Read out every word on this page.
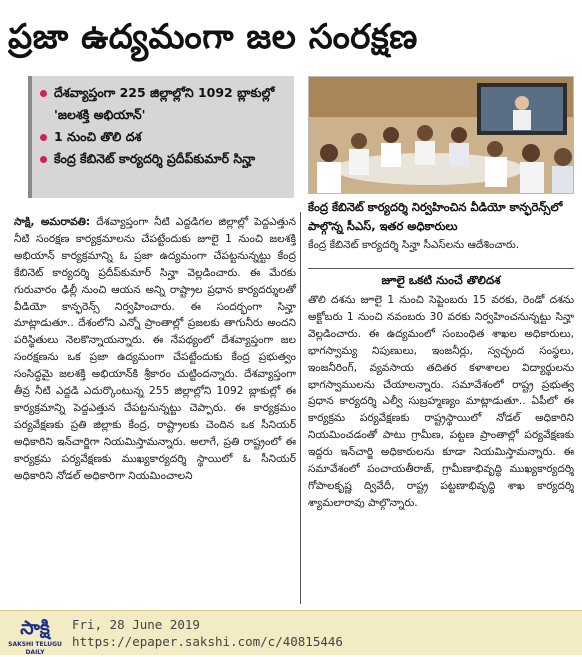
ప్రజా ఉద్యమంగా జల సంరక్షణ
దేశవ్యాప్తంగా 225 జిల్లాల్లోని 1092 బ్లాకుల్లో 'జలశక్తి అభియాన్'
1 నుంచి తొలి దశ
కేంద్ర కేబినెట్ కార్యదర్శి ప్రదీప్‌కుమార్ సిన్హా
కేంద్ర కేబినెట్ కార్యదర్శి నిర్వహించిన వీడియో కాన్ఫరెన్స్‌లో పాల్గొన్న సీఎస్, ఇతర అధికారులు
కేంద్ర కేబినెట్ కార్యదర్శి సిన్హా సీఎస్‌లను ఆదేశించారు.
జూలై ఒకటి నుంచే తొలిదశ

సాక్షి, అమరావతి: దేశవ్యాప్తంగా నీటి ఎద్దడిగల జిల్లాల్లో పెద్దఎత్తున నీటి సంరక్షణ కార్యక్రమాలను చేపట్టేందుకు జూలై 1 నుంచి జలశక్తి అభియాన్ కార్యక్రమాన్ని ఓ ప్రజా ఉద్యమంగా చేపట్టనున్నట్టు కేంద్ర కేబినెట్ కార్యదర్శి ప్రదీప్‌కుమార్ సిన్హా వెల్లడించారు. ఈ మేరకు గురువారం ఢిల్లీ నుంచి ఆయన అన్ని రాష్ట్రాల ప్రధాన కార్యదర్శులతో వీడియో కాన్ఫరెన్స్ నిర్వహించారు. ఈ సందర్భంగా సిన్హా మాట్లాడుతూ.. దేశంలోని ఎన్నో ప్రాంతాల్లో ప్రజలకు తాగునీరు అందని పరిస్థితులు నెలకొన్నాయన్నారు. ఈ నేపథ్యంలో దేశవ్యాప్తంగా జల సంరక్షణను ఒక ప్రజా ఉద్యమంగా చేపట్టేందుకు కేంద్ర ప్రభుత్వం సంసిద్ధమై జలశక్తి అభియాన్‌కి శ్రీకారం చుట్టిందన్నారు. దేశవ్యాప్తంగా తీవ్ర నీటి ఎద్దడి ఎదుర్కొంటున్న 255 జిల్లాల్లోని 1092 బ్లాకుల్లో ఈ కార్యక్రమాన్ని పెద్దఎత్తున చేపట్టనున్నట్టు చెప్పారు. ఈ కార్యక్రమం పర్యవేక్షణకు ప్రతి జిల్లాకు కేంద్ర, రాష్ట్రాలకు చెందిన ఒక సీనియర్ అధికారిని ఇన్‌చార్జిగా నియమిస్తామన్నారు. అలాగే, ప్రతి రాష్ట్రంలో ఈ కార్యక్రమ పర్యవేక్షణకు ముఖ్యకార్యదర్శి స్థాయిలో ఓ సీనియర్ అధికారిని నోడల్ అధికారిగా నియమించాలని

తొలి దశను జూలై 1 నుంచి సెప్టెంబరు 15 వరకు, రెండో దశను అక్టోబరు 1 నుంచి నవంబరు 30 వరకు నిర్వహించనున్నట్టు సిన్హా వెల్లడించారు. ఈ ఉద్యమంలో సంబంధిత శాఖల అధికారులు, భాగస్వామ్య నిపుణులు, ఇంజనీర్లు, స్వచ్ఛంద సంస్థలు, ఇంజనీరింగ్, వ్యవసాయ తదితర కళాశాలల విద్యార్థులను భాగస్వాములను చేయాలన్నారు. సమావేశంలో రాష్ట్ర ప్రభుత్వ ప్రధాన కార్యదర్శి ఎల్వీ సుబ్రహ్మణ్యం మాట్లాడుతూ.. ఏపీలో ఈ కార్యక్రమ పర్యవేక్షణకు రాష్ట్రస్థాయిలో నోడల్ అధికారిని నియమించడంతో పాటు గ్రామీణ, పట్టణ ప్రాంతాల్లో పర్యవేక్షణకు ఇద్దరు ఇన్‌చార్జి అధికారులను కూడా నియమిస్తామన్నారు. ఈ సమావేశంలో పంచాయతీరాజ్, గ్రామీణాభివృద్ధి ముఖ్యకార్యదర్శి గోపాలకృష్ణ ద్వివేదీ, రాష్ట్ర పట్టణాభివృద్ధి శాఖ కార్యదర్శి శ్యామలారావు పాల్గొన్నారు.

సాక్షి
SAKSHI TELUGU DAILY
Fri, 28 June 2019
https://epaper.sakshi.com/c/40815446
